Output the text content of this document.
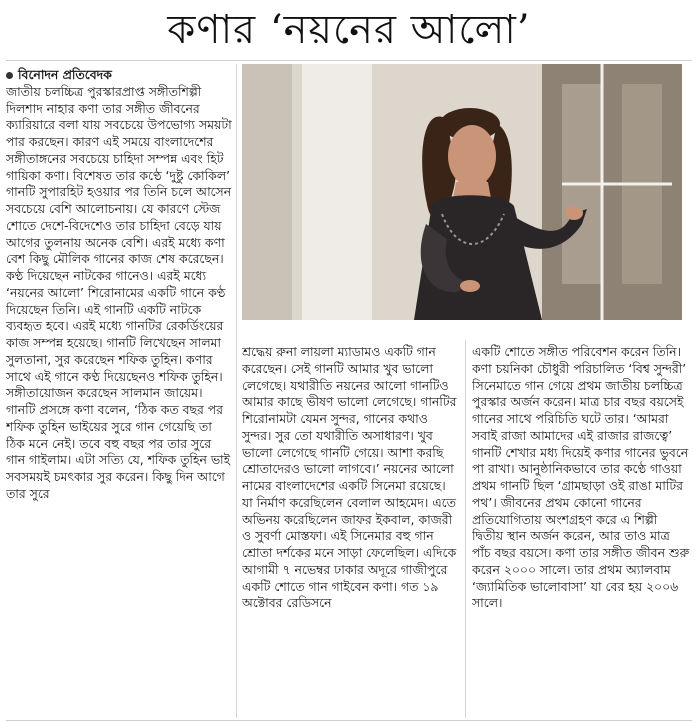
কণার ‘নয়নের আলো’
বিনোদন প্রতিবেদক

জাতীয় চলচ্চিত্র পুরস্কারপ্রাপ্ত সঙ্গীতশিল্পী দিলশাদ নাহার কণা তার সঙ্গীত জীবনের ক্যারিয়ারে বলা যায় সবচেয়ে উপভোগ্য সময়টা পার করছেন। কারণ এই সময়ে বাংলাদেশের সঙ্গীতাঙ্গনের সবচেয়ে চাহিদা সম্পন্ন এবং হিট গায়িকা কণা। বিশেষত তার কণ্ঠে ‘দুষ্টু কোকিল’ গানটি সুপারহিট হওয়ার পর তিনি চলে আসেন সবচেয়ে বেশি আলোচনায়। যে কারণে স্টেজ শোতে দেশে-বিদেশেও তার চাহিদা বেড়ে যায় আগের তুলনায় অনেক বেশি। এরই মধ্যে কণা বেশ কিছু মৌলিক গানের কাজ শেষ করেছেন। কণ্ঠ দিয়েছেন নাটকের গানেও। এরই মধ্যে ‘নয়নের আলো’ শিরোনামের একটি গানে কণ্ঠ দিয়েছেন তিনি। এই গানটি একটি নাটকে ব্যবহৃত হবে। এরই মধ্যে গানটির রেকর্ডিংয়ের কাজ সম্পন্ন হয়েছে। গানটি লিখেছেন সালমা সুলতানা, সুর করেছেন শফিক তুহিন। কণার সাথে এই গানে কণ্ঠ দিয়েছেনও শফিক তুহিন। সঙ্গীতায়োজন করেছেন সালমান জায়েম। গানটি প্রসঙ্গে কণা বলেন, ‘ঠিক কত বছর পর শফিক তুহিন ভাইয়ের সুরে গান গেয়েছি তা ঠিক মনে নেই। তবে বহু বছর পর তার সুরে গান গাইলাম। এটা সত্যি যে, শফিক তুহিন ভাই সবসময়ই চমৎকার সুর করেন। কিছু দিন আগে তার সুরে

শ্রদ্ধেয় রুনা লায়লা ম্যাডামও একটি গান করেছেন। সেই গানটি আমার খুব ভালো লেগেছে। যথারীতি নয়নের আলো গানটিও আমার কাছে ভীষণ ভালো লেগেছে। গানটির শিরোনামটা যেমন সুন্দর, গানের কথাও সুন্দর। সুর তো যথারীতি অসাধারণ। খুব ভালো লেগেছে গানটি গেয়ে। আশা করছি শ্রোতাদেরও ভালো লাগবে।’ নয়নের আলো নামের বাংলাদেশের একটি সিনেমা রয়েছে। যা নির্মাণ করেছিলেন বেলাল আহমেদ। এতে অভিনয় করেছিলেন জাফর ইকবাল, কাজরী ও সুবর্ণা মোস্তফা। এই সিনেমার বহু গান শ্রোতা দর্শকের মনে সাড়া ফেলেছিল। এদিকে আগামী ৭ নভেম্বর ঢাকার অদূরে গাজীপুরে একটি শোতে গান গাইবেন কণা। গত ১৯ অক্টোবর রেডিসনে

একটি শোতে সঙ্গীত পরিবেশন করেন তিনি। কণা চয়নিকা চৌধুরী পরিচালিত ‘বিশ্ব সুন্দরী’ সিনেমাতে গান গেয়ে প্রথম জাতীয় চলচ্চিত্র পুরস্কার অর্জন করেন। মাত্র চার বছর বয়সেই গানের সাথে পরিচিতি ঘটে তার। ‘আমরা সবাই রাজা আমাদের এই রাজার রাজত্বে’ গানটি শেখার মধ্য দিয়েই কণার গানের ভুবনে পা রাখা। আনুষ্ঠানিকভাবে তার কণ্ঠে গাওয়া প্রথম গানটি ছিল ‘গ্রামছাড়া ওই রাঙা মাটির পথ’। জীবনের প্রথম কোনো গানের প্রতিযোগিতায় অংশগ্রহণ করে এ শিল্পী দ্বিতীয় স্থান অর্জন করেন, আর তাও মাত্র পাঁচ বছর বয়সে। কণা তার সঙ্গীত জীবন শুরু করেন ২০০০ সালে। তার প্রথম অ্যালবাম ‘জ্যামিতিক ভালোবাসা’ যা বের হয় ২০০৬ সালে।
